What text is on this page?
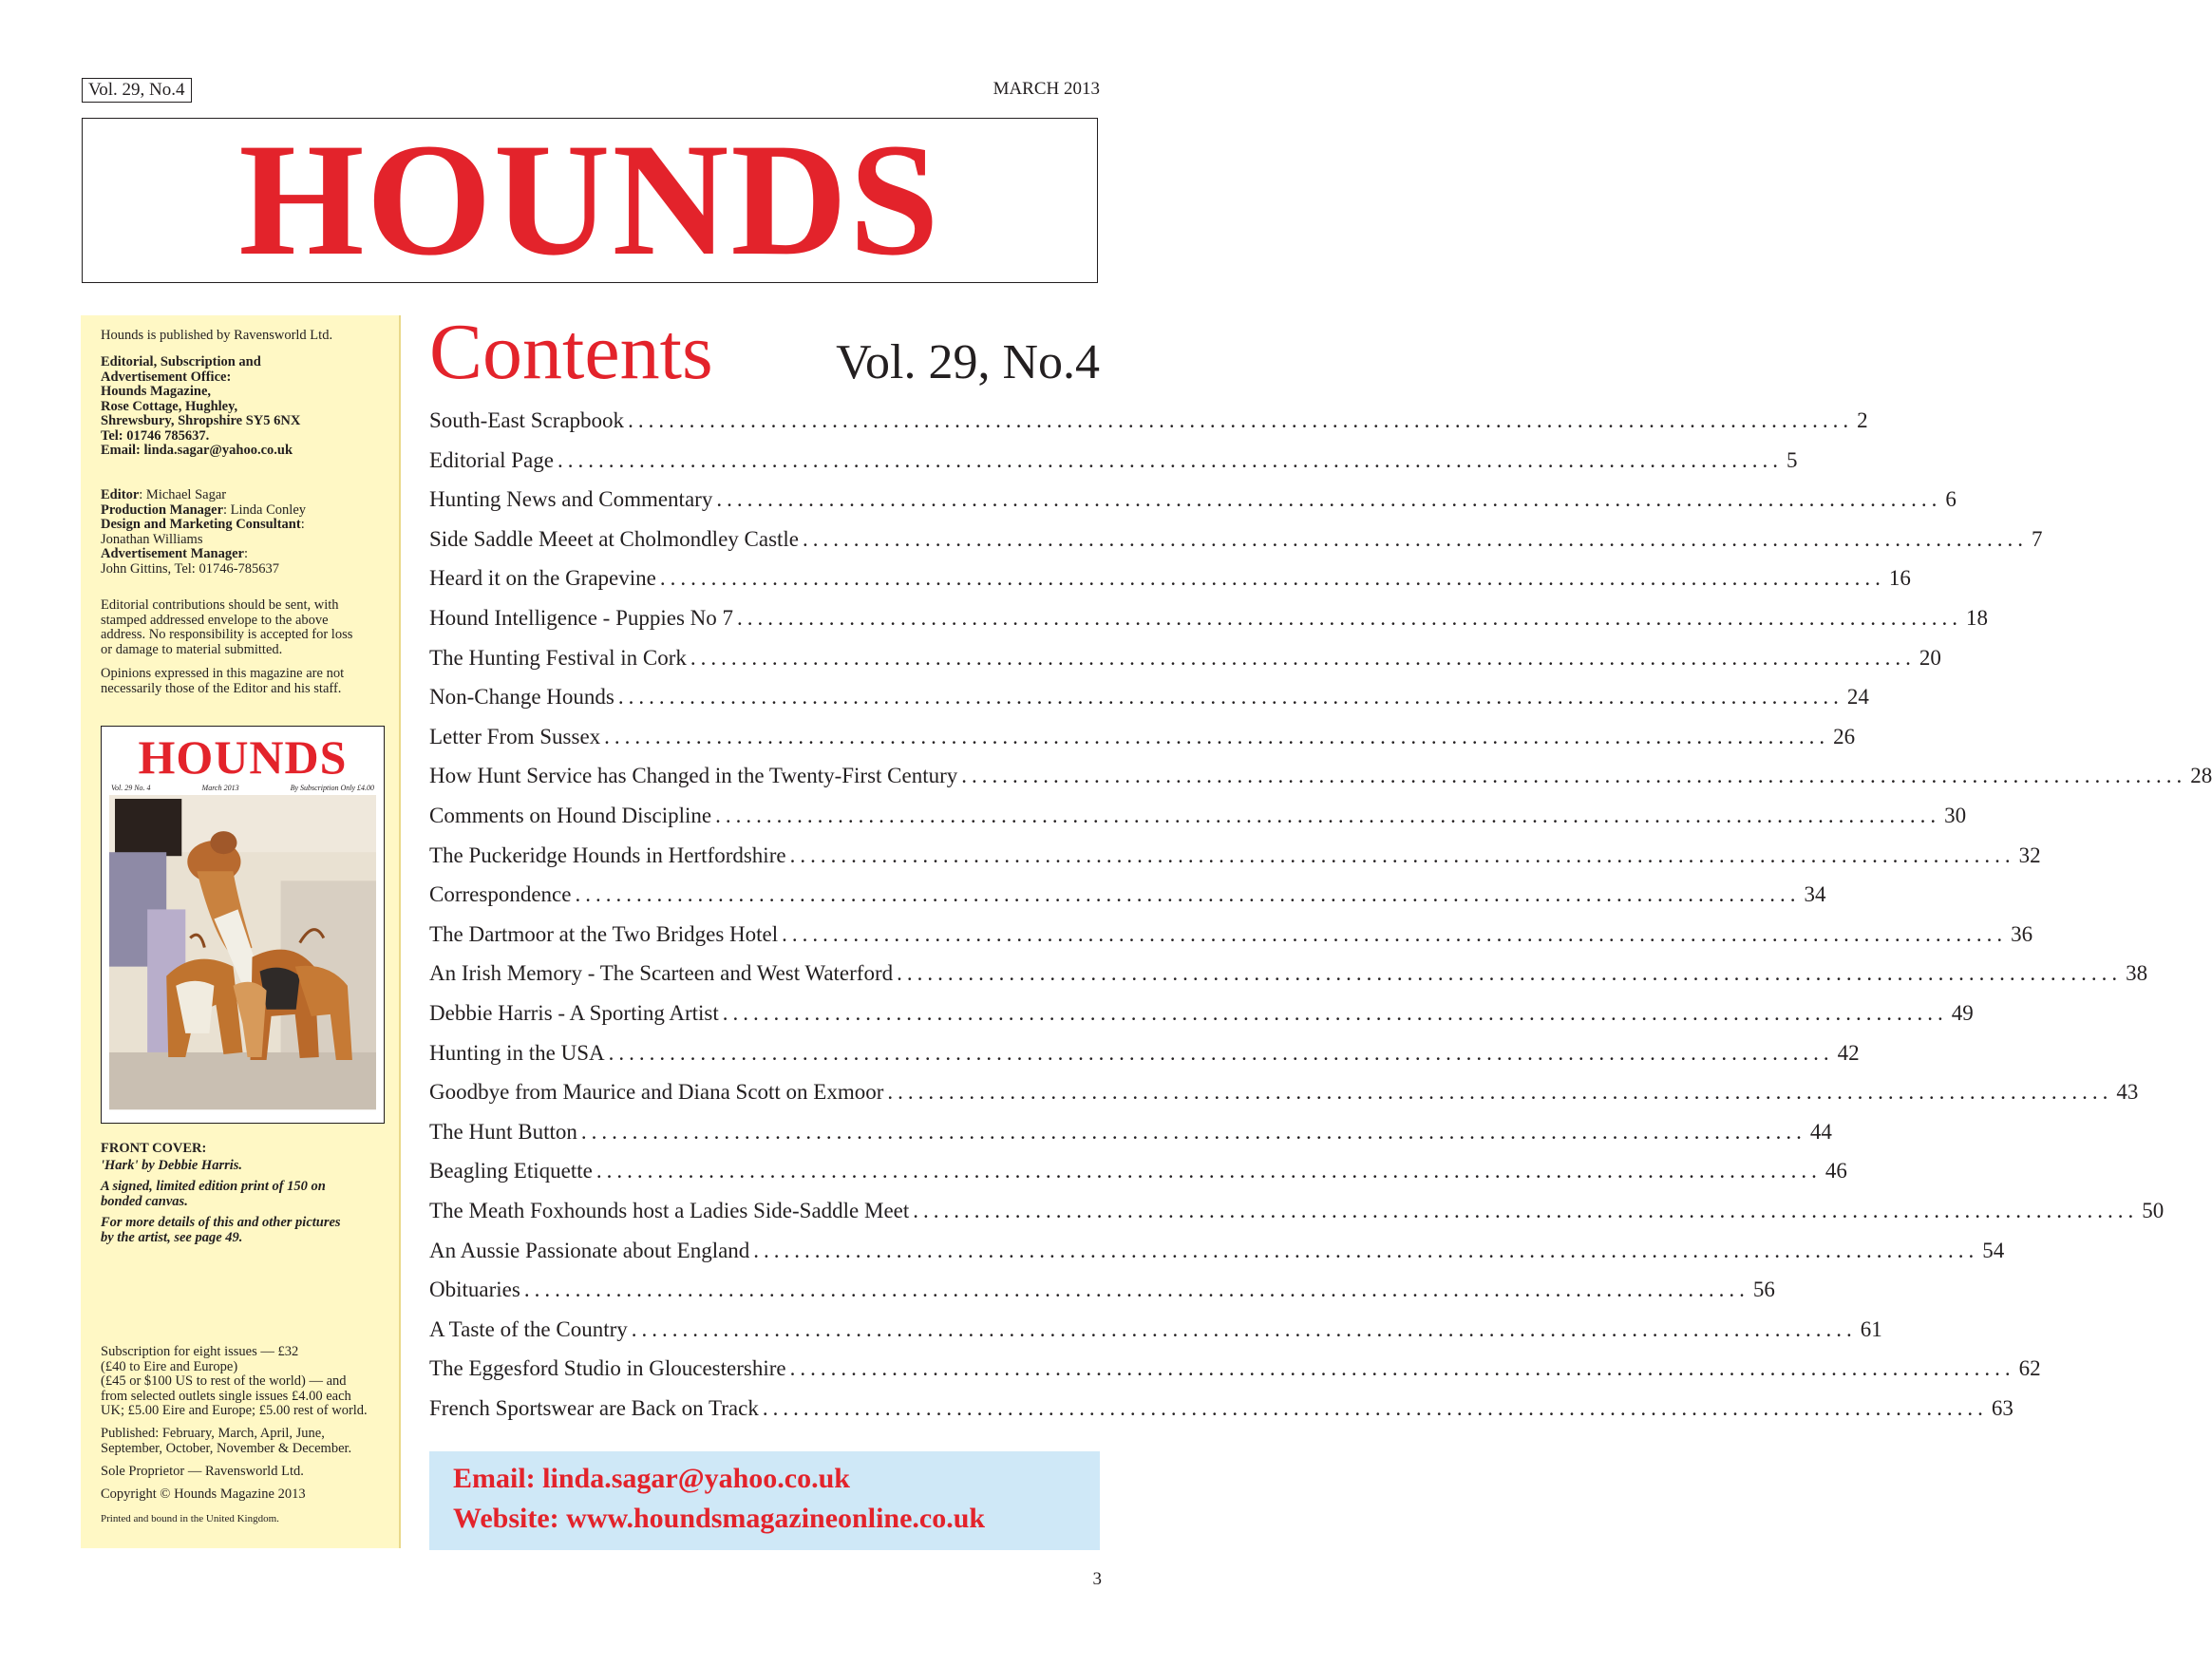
Vol. 29, No.4	MARCH 2013
HOUNDS
Hounds is published by Ravensworld Ltd.
Editorial, Subscription and
Advertisement Office:
Hounds Magazine,
Rose Cottage, Hughley,
Shrewsbury, Shropshire SY5 6NX
Tel: 01746 785637.
Email: linda.sagar@yahoo.co.uk
Editor: Michael Sagar
Production Manager: Linda Conley
Design and Marketing Consultant:
Jonathan Williams
Advertisement Manager:
John Gittins, Tel: 01746-785637
Editorial contributions should be sent, with
stamped addressed envelope to the above
address. No responsibility is accepted for loss
or damage to material submitted.
Opinions expressed in this magazine are not
necessarily those of the Editor and his staff.
HOUNDS
Vol. 29 No. 4	March 2013	By Subscription Only £4.00
FRONT COVER:
'Hark' by Debbie Harris.
A signed, limited edition print of 150 on
bonded canvas.
For more details of this and other pictures
by the artist, see page 49.
Subscription for eight issues — £32
(£40 to Eire and Europe)
(£45 or $100 US to rest of the world) — and
from selected outlets single issues £4.00 each
UK; £5.00 Eire and Europe; £5.00 rest of world.
Published: February, March, April, June,
September, October, November & December.
Sole Proprietor — Ravensworld Ltd.
Copyright © Hounds Magazine 2013
Printed and bound in the United Kingdom.
Contents Vol. 29, No.4
South-East Scrapbook ........................................................................................................................ 2
Editorial Page ........................................................................................................................ 5
Hunting News and Commentary ........................................................................................................................ 6
Side Saddle Meeet at Cholmondley Castle ........................................................................................................................ 7
Heard it on the Grapevine ........................................................................................................................ 16
Hound Intelligence - Puppies No 7 ........................................................................................................................ 18
The Hunting Festival in Cork ........................................................................................................................ 20
Non-Change Hounds ........................................................................................................................ 24
Letter From Sussex ........................................................................................................................ 26
How Hunt Service has Changed in the Twenty-First Century ........................................................................................................................ 28
Comments on Hound Discipline ........................................................................................................................ 30
The Puckeridge Hounds in Hertfordshire ........................................................................................................................ 32
Correspondence ........................................................................................................................ 34
The Dartmoor at the Two Bridges Hotel ........................................................................................................................ 36
An Irish Memory - The Scarteen and West Waterford ........................................................................................................................ 38
Debbie Harris - A Sporting Artist ........................................................................................................................ 49
Hunting in the USA ........................................................................................................................ 42
Goodbye from Maurice and Diana Scott on Exmoor ........................................................................................................................ 43
The Hunt Button ........................................................................................................................ 44
Beagling Etiquette ........................................................................................................................ 46
The Meath Foxhounds host a Ladies Side-Saddle Meet ........................................................................................................................ 50
An Aussie Passionate about England ........................................................................................................................ 54
Obituaries ........................................................................................................................ 56
A Taste of the Country ........................................................................................................................ 61
The Eggesford Studio in Gloucestershire ........................................................................................................................ 62
French Sportswear are Back on Track ........................................................................................................................ 63
Email: linda.sagar@yahoo.co.uk
Website: www.houndsmagazineonline.co.uk
3
